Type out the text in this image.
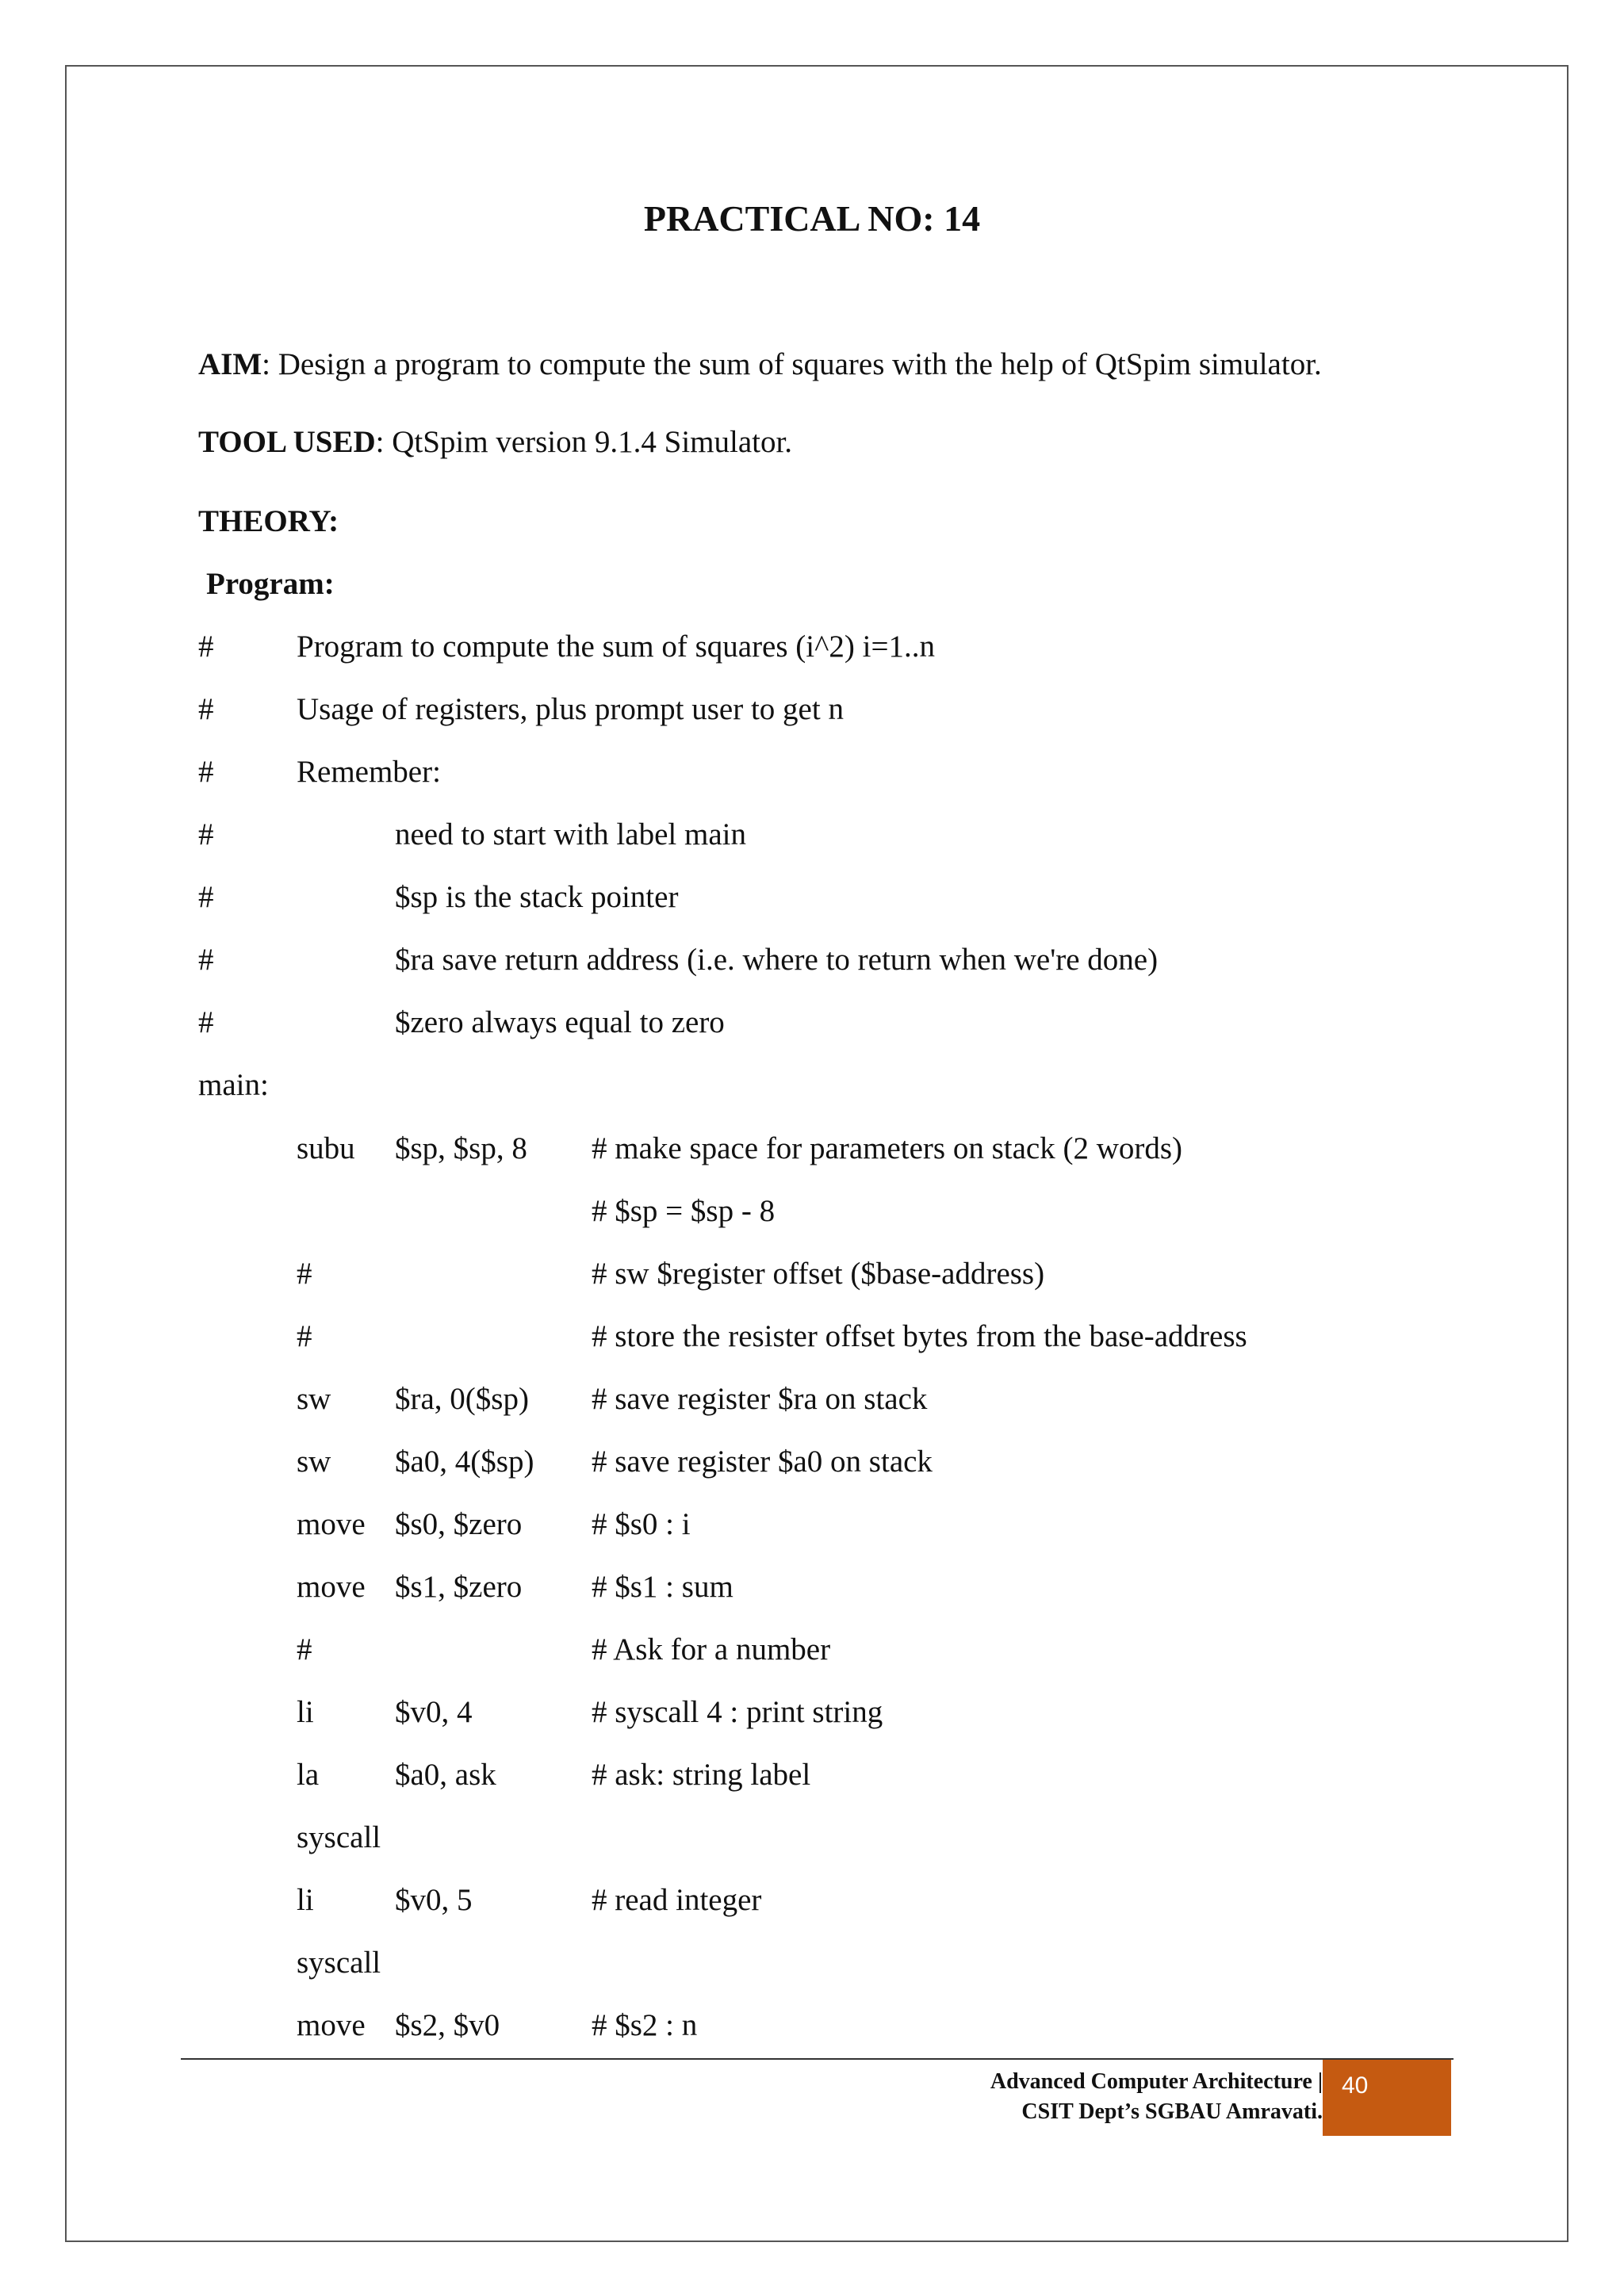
PRACTICAL NO: 14
AIM: Design a program to compute the sum of squares with the help of QtSpim simulator.
TOOL USED: QtSpim version 9.1.4 Simulator.
THEORY:
Program:
#	Program to compute the sum of squares (i^2) i=1..n
#	Usage of registers, plus prompt user to get n
#	Remember:
#	need to start with label main
#	$sp is the stack pointer
#	$ra save return address (i.e. where to return when we're done)
#	$zero always equal to zero
main:
subu $sp, $sp, 8 # make space for parameters on stack (2 words)
# $sp = $sp - 8
#	# sw $register offset ($base-address)
#	# store the resister offset bytes from the base-address
sw $ra, 0($sp) # save register $ra on stack
sw $a0, 4($sp) # save register $a0 on stack
move $s0, $zero # $s0 : i
move $s1, $zero # $s1 : sum
#	# Ask for a number
li	$v0, 4	# syscall 4 : print string
la $a0, ask	# ask: string label
syscall
li	$v0, 5	# read integer
syscall
move $s2, $v0	# $s2 : n
Advanced Computer Architecture |
CSIT Dept’s SGBAU Amravati.
40
